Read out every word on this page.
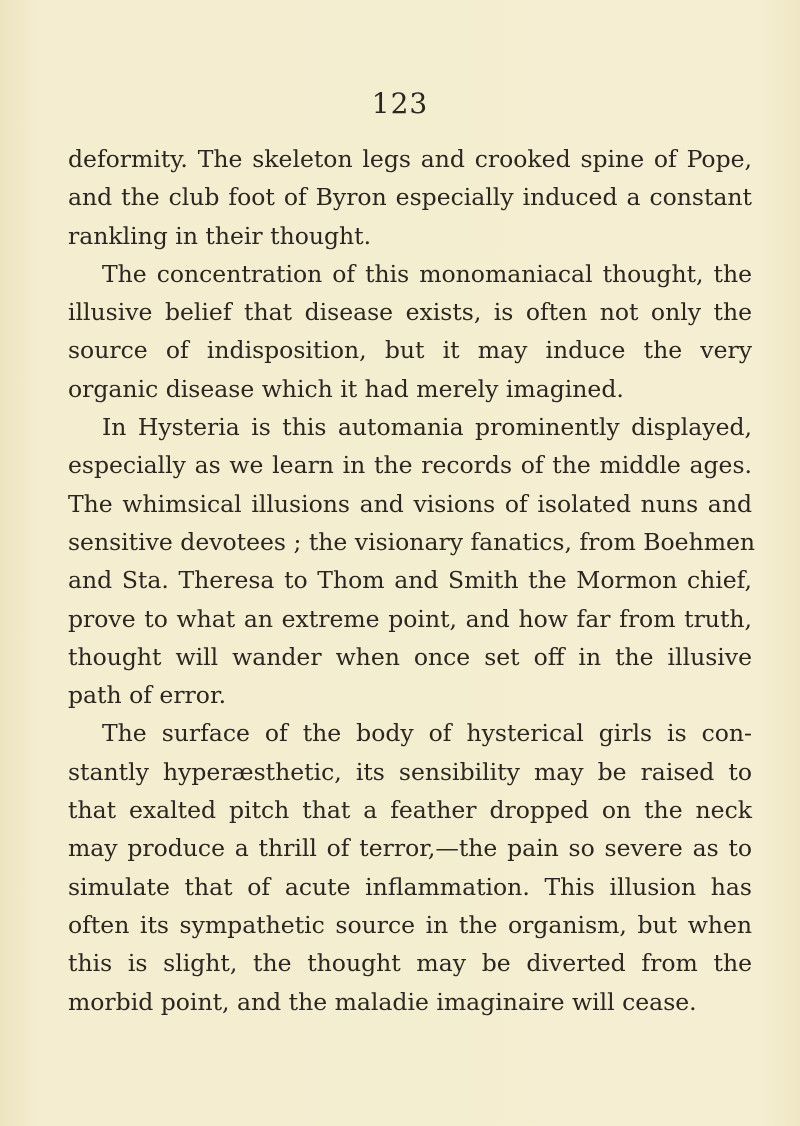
123

deformity. The skeleton legs and crooked spine of Pope,
and the club foot of Byron especially induced a constant
rankling in their thought.

The concentration of this monomaniacal thought, the
illusive belief that disease exists, is often not only the
source of indisposition, but it may induce the very
organic disease which it had merely imagined.

In Hysteria is this automania prominently displayed,
especially as we learn in the records of the middle ages.
The whimsical illusions and visions of isolated nuns and
sensitive devotees ; the visionary fanatics, from Boehmen
and Sta. Theresa to Thom and Smith the Mormon chief,
prove to what an extreme point, and how far from truth,
thought will wander when once set off in the illusive
path of error.

The surface of the body of hysterical girls is con-
stantly hyperæsthetic, its sensibility may be raised to
that exalted pitch that a feather dropped on the neck
may produce a thrill of terror,—the pain so severe as to
simulate that of acute inflammation. This illusion has
often its sympathetic source in the organism, but when
this is slight, the thought may be diverted from the
morbid point, and the maladie imaginaire will cease.
